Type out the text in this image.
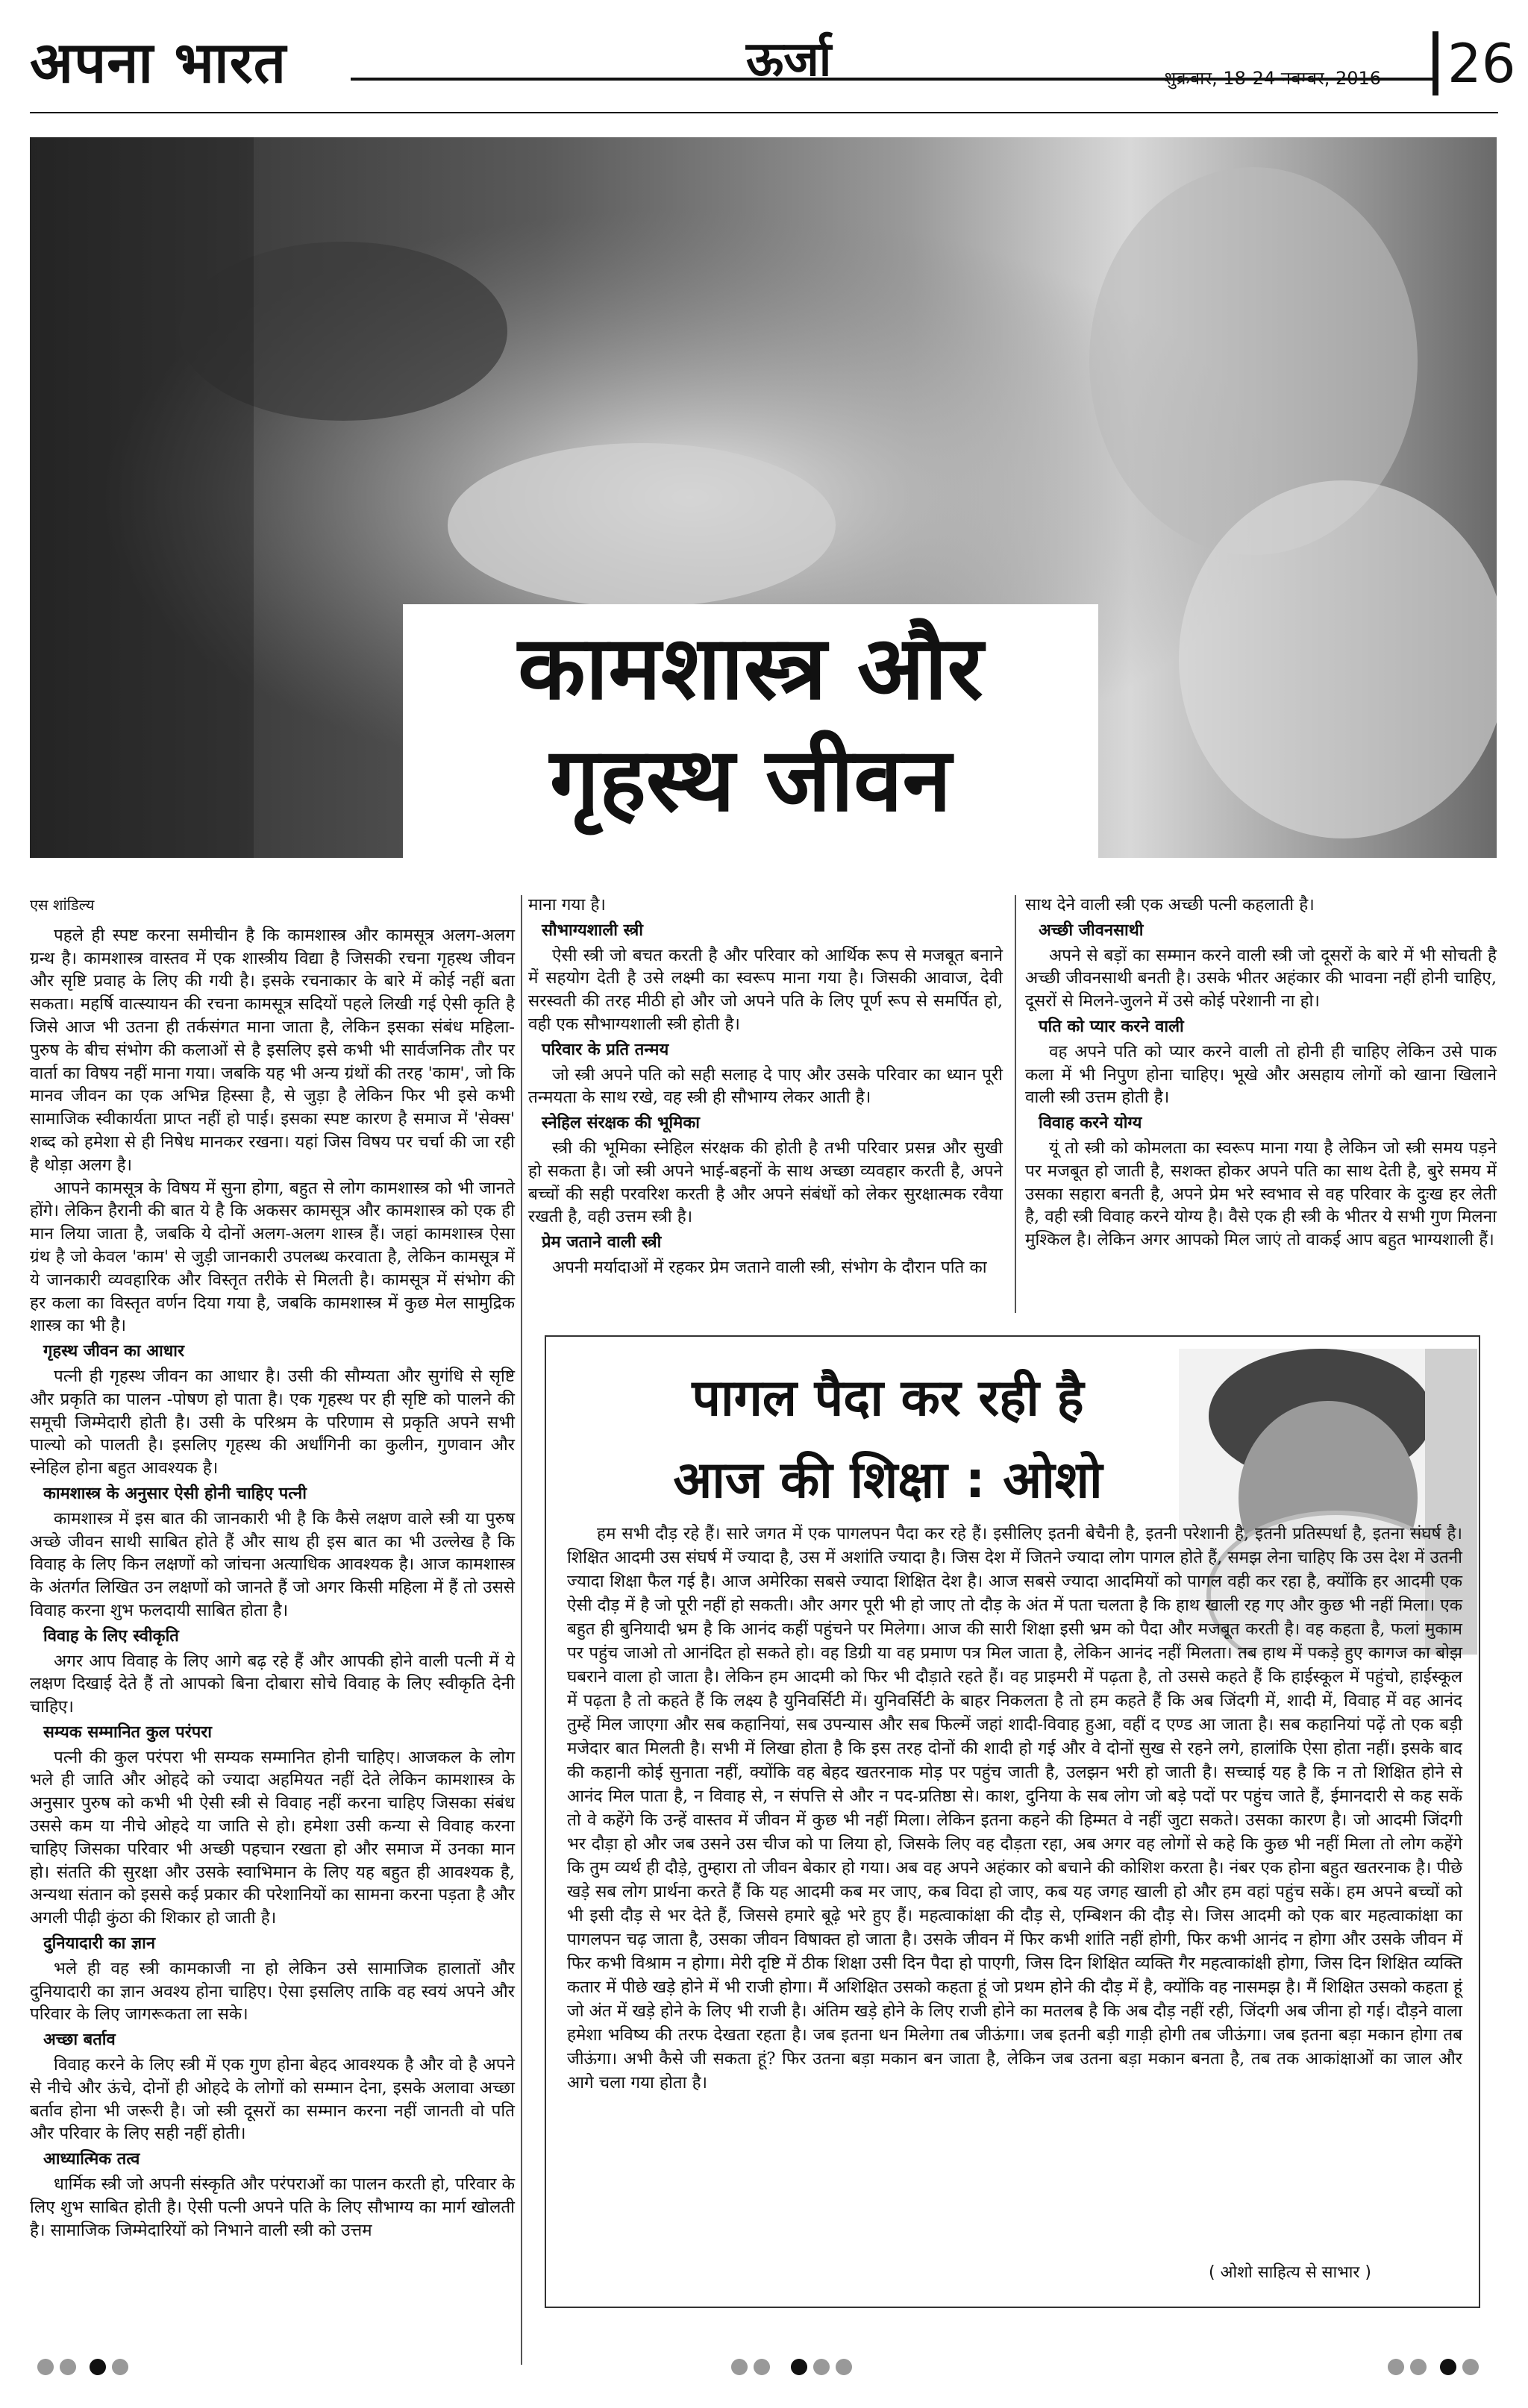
अपना भारत	ऊर्जा	शुक्रवार, 18-24 नवम्बर, 2016 26
कामशास्त्र और
गृहस्थ जीवन

एस शांडिल्य

पहले ही स्पष्ट करना समीचीन है कि कामशास्त्र और कामसूत्र अलग-अलग ग्रन्थ है। कामशास्त्र वास्तव में एक शास्त्रीय विद्या है जिसकी रचना गृहस्थ जीवन और सृष्टि प्रवाह के लिए की गयी है। इसके रचनाकार के बारे में कोई नहीं बता सकता। महर्षि वात्स्यायन की रचना कामसूत्र सदियों पहले लिखी गई ऐसी कृति है जिसे आज भी उतना ही तर्कसंगत माना जाता है, लेकिन इसका संबंध महिला-पुरुष के बीच संभोग की कलाओं से है इसलिए इसे कभी भी सार्वजनिक तौर पर वार्ता का विषय नहीं माना गया। जबकि यह भी अन्य ग्रंथों की तरह 'काम', जो कि मानव जीवन का एक अभिन्न हिस्सा है, से जुड़ा है लेकिन फिर भी इसे कभी सामाजिक स्वीकार्यता प्राप्त नहीं हो पाई। इसका स्पष्ट कारण है समाज में 'सेक्स' शब्द को हमेशा से ही निषेध मानकर रखना। यहां जिस विषय पर चर्चा की जा रही है थोड़ा अलग है।

आपने कामसूत्र के विषय में सुना होगा, बहुत से लोग कामशास्त्र को भी जानते होंगे। लेकिन हैरानी की बात ये है कि अकसर कामसूत्र और कामशास्त्र को एक ही मान लिया जाता है, जबकि ये दोनों अलग-अलग शास्त्र हैं। जहां कामशास्त्र ऐसा ग्रंथ है जो केवल 'काम' से जुड़ी जानकारी उपलब्ध करवाता है, लेकिन कामसूत्र में ये जानकारी व्यवहारिक और विस्तृत तरीके से मिलती है। कामसूत्र में संभोग की हर कला का विस्तृत वर्णन दिया गया है, जबकि कामशास्त्र में कुछ मेल सामुद्रिक शास्त्र का भी है।

गृहस्थ जीवन का आधार

पत्नी ही गृहस्थ जीवन का आधार है। उसी की सौम्यता और सुगंधि से सृष्टि और प्रकृति का पालन -पोषण हो पाता है। एक गृहस्थ पर ही सृष्टि को पालने की समूची जिम्मेदारी होती है। उसी के परिश्रम के परिणाम से प्रकृति अपने सभी पाल्यो को पालती है। इसलिए गृहस्थ की अर्धांगिनी का कुलीन, गुणवान और स्नेहिल होना बहुत आवश्यक है।

कामशास्त्र के अनुसार ऐसी होनी चाहिए पत्नी

कामशास्त्र में इस बात की जानकारी भी है कि कैसे लक्षण वाले स्त्री या पुरुष अच्छे जीवन साथी साबित होते हैं और साथ ही इस बात का भी उल्लेख है कि विवाह के लिए किन लक्षणों को जांचना अत्याधिक आवश्यक है। आज कामशास्त्र के अंतर्गत लिखित उन लक्षणों को जानते हैं जो अगर किसी महिला में हैं तो उससे विवाह करना शुभ फलदायी साबित होता है।

विवाह के लिए स्वीकृति

अगर आप विवाह के लिए आगे बढ़ रहे हैं और आपकी होने वाली पत्नी में ये लक्षण दिखाई देते हैं तो आपको बिना दोबारा सोचे विवाह के लिए स्वीकृति देनी चाहिए।

सम्यक सम्मानित कुल परंपरा

पत्नी की कुल परंपरा भी सम्यक सम्मानित होनी चाहिए। आजकल के लोग भले ही जाति और ओहदे को ज्यादा अहमियत नहीं देते लेकिन कामशास्त्र के अनुसार पुरुष को कभी भी ऐसी स्त्री से विवाह नहीं करना चाहिए जिसका संबंध उससे कम या नीचे ओहदे या जाति से हो। हमेशा उसी कन्या से विवाह करना चाहिए जिसका परिवार भी अच्छी पहचान रखता हो और समाज में उनका मान हो। संतति की सुरक्षा और उसके स्वाभिमान के लिए यह बहुत ही आवश्यक है, अन्यथा संतान को इससे कई प्रकार की परेशानियों का सामना करना पड़ता है और अगली पीढ़ी कुंठा की शिकार हो जाती है।

दुनियादारी का ज्ञान

भले ही वह स्त्री कामकाजी ना हो लेकिन उसे सामाजिक हालातों और दुनियादारी का ज्ञान अवश्य होना चाहिए। ऐसा इसलिए ताकि वह स्वयं अपने और परिवार के लिए जागरूकता ला सके।

अच्छा बर्ताव

विवाह करने के लिए स्त्री में एक गुण होना बेहद आवश्यक है और वो है अपने से नीचे और ऊंचे, दोनों ही ओहदे के लोगों को सम्मान देना, इसके अलावा अच्छा बर्ताव होना भी जरूरी है। जो स्त्री दूसरों का सम्मान करना नहीं जानती वो पति और परिवार के लिए सही नहीं होती।

आध्यात्मिक तत्व

धार्मिक स्त्री जो अपनी संस्कृति और परंपराओं का पालन करती हो, परिवार के लिए शुभ साबित होती है। ऐसी पत्नी अपने पति के लिए सौभाग्य का मार्ग खोलती है। सामाजिक जिम्मेदारियों को निभाने वाली स्त्री को उत्तम

माना गया है।

सौभाग्यशाली स्त्री

ऐसी स्त्री जो बचत करती है और परिवार को आर्थिक रूप से मजबूत बनाने में सहयोग देती है उसे लक्ष्मी का स्वरूप माना गया है। जिसकी आवाज, देवी सरस्वती की तरह मीठी हो और जो अपने पति के लिए पूर्ण रूप से समर्पित हो, वही एक सौभाग्यशाली स्त्री होती है।

परिवार के प्रति तन्मय

जो स्त्री अपने पति को सही सलाह दे पाए और उसके परिवार का ध्यान पूरी तन्मयता के साथ रखे, वह स्त्री ही सौभाग्य लेकर आती है।

स्नेहिल संरक्षक की भूमिका

स्त्री की भूमिका स्नेहिल संरक्षक की होती है तभी परिवार प्रसन्न और सुखी हो सकता है। जो स्त्री अपने भाई-बहनों के साथ अच्छा व्यवहार करती है, अपने बच्चों की सही परवरिश करती है और अपने संबंधों को लेकर सुरक्षात्मक रवैया रखती है, वही उत्तम स्त्री है।

प्रेम जताने वाली स्त्री

अपनी मर्यादाओं में रहकर प्रेम जताने वाली स्त्री, संभोग के दौरान पति का

साथ देने वाली स्त्री एक अच्छी पत्नी कहलाती है।

अच्छी जीवनसाथी

अपने से बड़ों का सम्मान करने वाली स्त्री जो दूसरों के बारे में भी सोचती है अच्छी जीवनसाथी बनती है। उसके भीतर अहंकार की भावना नहीं होनी चाहिए, दूसरों से मिलने-जुलने में उसे कोई परेशानी ना हो।

पति को प्यार करने वाली

वह अपने पति को प्यार करने वाली तो होनी ही चाहिए लेकिन उसे पाक कला में भी निपुण होना चाहिए। भूखे और असहाय लोगों को खाना खिलाने वाली स्त्री उत्तम होती है।

विवाह करने योग्य

यूं तो स्त्री को कोमलता का स्वरूप माना गया है लेकिन जो स्त्री समय पड़ने पर मजबूत हो जाती है, सशक्त होकर अपने पति का साथ देती है, बुरे समय में उसका सहारा बनती है, अपने प्रेम भरे स्वभाव से वह परिवार के दुःख हर लेती है, वही स्त्री विवाह करने योग्य है। वैसे एक ही स्त्री के भीतर ये सभी गुण मिलना मुश्किल है। लेकिन अगर आपको मिल जाएं तो वाकई आप बहुत भाग्यशाली हैं।

पागल पैदा कर रही है
आज की शिक्षा : ओशो

हम सभी दौड़ रहे हैं। सारे जगत में एक पागलपन पैदा कर रहे हैं। इसीलिए इतनी बेचैनी है, इतनी परेशानी है, इतनी प्रतिस्पर्धा है, इतना संघर्ष है। शिक्षित आदमी उस संघर्ष में ज्यादा है, उस में अशांति ज्यादा है। जिस देश में जितने ज्यादा लोग पागल होते हैं, समझ लेना चाहिए कि उस देश में उतनी ज्यादा शिक्षा फैल गई है। आज अमेरिका सबसे ज्यादा शिक्षित देश है। आज सबसे ज्यादा आदमियों को पागल वही कर रहा है, क्योंकि हर आदमी एक ऐसी दौड़ में है जो पूरी नहीं हो सकती। और अगर पूरी भी हो जाए तो दौड़ के अंत में पता चलता है कि हाथ खाली रह गए और कुछ भी नहीं मिला। एक बहुत ही बुनियादी भ्रम है कि आनंद कहीं पहुंचने पर मिलेगा। आज की सारी शिक्षा इसी भ्रम को पैदा और मजबूत करती है। वह कहता है, फलां मुकाम पर पहुंच जाओ तो आनंदित हो सकते हो। वह डिग्री या वह प्रमाण पत्र मिल जाता है, लेकिन आनंद नहीं मिलता। तब हाथ में पकड़े हुए कागज का बोझ घबराने वाला हो जाता है। लेकिन हम आदमी को फिर भी दौड़ाते रहते हैं। वह प्राइमरी में पढ़ता है, तो उससे कहते हैं कि हाईस्कूल में पहुंचो, हाईस्कूल में पढ़ता है तो कहते हैं कि लक्ष्य है युनिवर्सिटी में। युनिवर्सिटी के बाहर निकलता है तो हम कहते हैं कि अब जिंदगी में, शादी में, विवाह में वह आनंद तुम्हें मिल जाएगा और सब कहानियां, सब उपन्यास और सब फिल्में जहां शादी-विवाह हुआ, वहीं द एण्ड आ जाता है। सब कहानियां पढ़ें तो एक बड़ी मजेदार बात मिलती है। सभी में लिखा होता है कि इस तरह दोनों की शादी हो गई और वे दोनों सुख से रहने लगे, हालांकि ऐसा होता नहीं। इसके बाद की कहानी कोई सुनाता नहीं, क्योंकि वह बेहद खतरनाक मोड़ पर पहुंच जाती है, उलझन भरी हो जाती है। सच्चाई यह है कि न तो शिक्षित होने से आनंद मिल पाता है, न विवाह से, न संपत्ति से और न पद-प्रतिष्ठा से। काश, दुनिया के सब लोग जो बड़े पदों पर पहुंच जाते हैं, ईमानदारी से कह सकें तो वे कहेंगे कि उन्हें वास्तव में जीवन में कुछ भी नहीं मिला। लेकिन इतना कहने की हिम्मत वे नहीं जुटा सकते। उसका कारण है। जो आदमी जिंदगी भर दौड़ा हो और जब उसने उस चीज को पा लिया हो, जिसके लिए वह दौड़ता रहा, अब अगर वह लोगों से कहे कि कुछ भी नहीं मिला तो लोग कहेंगे कि तुम व्यर्थ ही दौड़े, तुम्हारा तो जीवन बेकार हो गया। अब वह अपने अहंकार को बचाने की कोशिश करता है। नंबर एक होना बहुत खतरनाक है। पीछे खड़े सब लोग प्रार्थना करते हैं कि यह आदमी कब मर जाए, कब विदा हो जाए, कब यह जगह खाली हो और हम वहां पहुंच सकें। हम अपने बच्चों को भी इसी दौड़ से भर देते हैं, जिससे हमारे बूढ़े भरे हुए हैं। महत्वाकांक्षा की दौड़ से, एम्बिशन की दौड़ से। जिस आदमी को एक बार महत्वाकांक्षा का पागलपन चढ़ जाता है, उसका जीवन विषाक्त हो जाता है। उसके जीवन में फिर कभी शांति नहीं होगी, फिर कभी आनंद न होगा और उसके जीवन में फिर कभी विश्राम न होगा। मेरी दृष्टि में ठीक शिक्षा उसी दिन पैदा हो पाएगी, जिस दिन शिक्षित व्यक्ति गैर महत्वाकांक्षी होगा, जिस दिन शिक्षित व्यक्ति कतार में पीछे खड़े होने में भी राजी होगा। मैं अशिक्षित उसको कहता हूं जो प्रथम होने की दौड़ में है, क्योंकि वह नासमझ है। मैं शिक्षित उसको कहता हूं जो अंत में खड़े होने के लिए भी राजी है। अंतिम खड़े होने के लिए राजी होने का मतलब है कि अब दौड़ नहीं रही, जिंदगी अब जीना हो गई। दौड़ने वाला हमेशा भविष्य की तरफ देखता रहता है। जब इतना धन मिलेगा तब जीऊंगा। जब इतनी बड़ी गाड़ी होगी तब जीऊंगा। जब इतना बड़ा मकान होगा तब जीऊंगा। अभी कैसे जी सकता हूं? फिर उतना बड़ा मकान बन जाता है, लेकिन जब उतना बड़ा मकान बनता है, तब तक आकांक्षाओं का जाल और आगे चला गया होता है।

( ओशो साहित्य से साभार )
